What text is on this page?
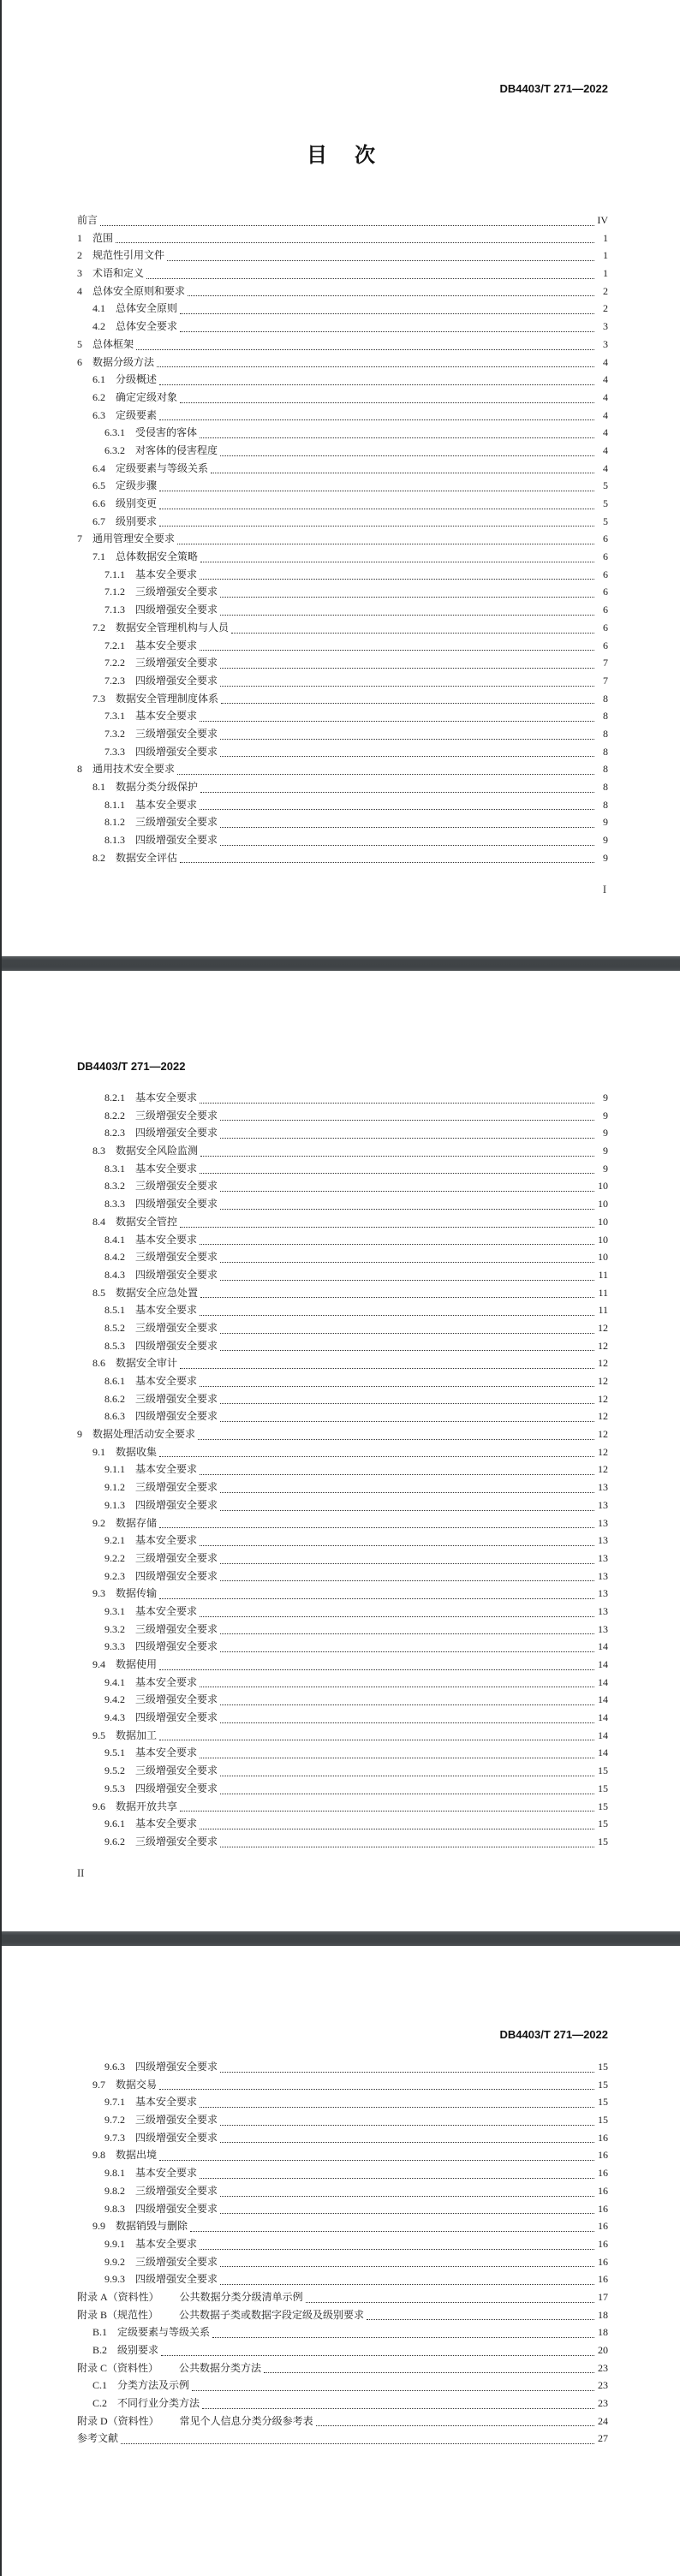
DB4403/T 271—2022
目　次
前言	IV
1 范围	1
2 规范性引用文件	1
3 术语和定义	1
4 总体安全原则和要求	2
4.1 总体安全原则	2
4.2 总体安全要求	3
5 总体框架	3
6 数据分级方法	4
6.1 分级概述	4
6.2 确定定级对象	4
6.3 定级要素	4
6.3.1 受侵害的客体	4
6.3.2 对客体的侵害程度	4
6.4 定级要素与等级关系	4
6.5 定级步骤	5
6.6 级别变更	5
6.7 级别要求	5
7 通用管理安全要求	6
7.1 总体数据安全策略	6
7.1.1 基本安全要求	6
7.1.2 三级增强安全要求	6
7.1.3 四级增强安全要求	6
7.2 数据安全管理机构与人员	6
7.2.1 基本安全要求	6
7.2.2 三级增强安全要求	7
7.2.3 四级增强安全要求	7
7.3 数据安全管理制度体系	8
7.3.1 基本安全要求	8
7.3.2 三级增强安全要求	8
7.3.3 四级增强安全要求	8
8 通用技术安全要求	8
8.1 数据分类分级保护	8
8.1.1 基本安全要求	8
8.1.2 三级增强安全要求	9
8.1.3 四级增强安全要求	9
8.2 数据安全评估	9
I
DB4403/T 271—2022
8.2.1 基本安全要求	9
8.2.2 三级增强安全要求	9
8.2.3 四级增强安全要求	9
8.3 数据安全风险监测	9
8.3.1 基本安全要求	9
8.3.2 三级增强安全要求	10
8.3.3 四级增强安全要求	10
8.4 数据安全管控	10
8.4.1 基本安全要求	10
8.4.2 三级增强安全要求	10
8.4.3 四级增强安全要求	11
8.5 数据安全应急处置	11
8.5.1 基本安全要求	11
8.5.2 三级增强安全要求	12
8.5.3 四级增强安全要求	12
8.6 数据安全审计	12
8.6.1 基本安全要求	12
8.6.2 三级增强安全要求	12
8.6.3 四级增强安全要求	12
9 数据处理活动安全要求	12
9.1 数据收集	12
9.1.1 基本安全要求	12
9.1.2 三级增强安全要求	13
9.1.3 四级增强安全要求	13
9.2 数据存储	13
9.2.1 基本安全要求	13
9.2.2 三级增强安全要求	13
9.2.3 四级增强安全要求	13
9.3 数据传输	13
9.3.1 基本安全要求	13
9.3.2 三级增强安全要求	13
9.3.3 四级增强安全要求	14
9.4 数据使用	14
9.4.1 基本安全要求	14
9.4.2 三级增强安全要求	14
9.4.3 四级增强安全要求	14
9.5 数据加工	14
9.5.1 基本安全要求	14
9.5.2 三级增强安全要求	15
9.5.3 四级增强安全要求	15
9.6 数据开放共享	15
9.6.1 基本安全要求	15
9.6.2 三级增强安全要求	15
II
DB4403/T 271—2022
9.6.3 四级增强安全要求	15
9.7 数据交易	15
9.7.1 基本安全要求	15
9.7.2 三级增强安全要求	15
9.7.3 四级增强安全要求	16
9.8 数据出境	16
9.8.1 基本安全要求	16
9.8.2 三级增强安全要求	16
9.8.3 四级增强安全要求	16
9.9 数据销毁与删除	16
9.9.1 基本安全要求	16
9.9.2 三级增强安全要求	16
9.9.3 四级增强安全要求	16
附录 A（资料性） 公共数据分类分级清单示例	17
附录 B（规范性） 公共数据子类或数据字段定级及级别要求	18
B.1 定级要素与等级关系	18
B.2 级别要求	20
附录 C（资料性） 公共数据分类方法	23
C.1 分类方法及示例	23
C.2 不同行业分类方法	23
附录 D（资料性） 常见个人信息分类分级参考表	24
参考文献	27
